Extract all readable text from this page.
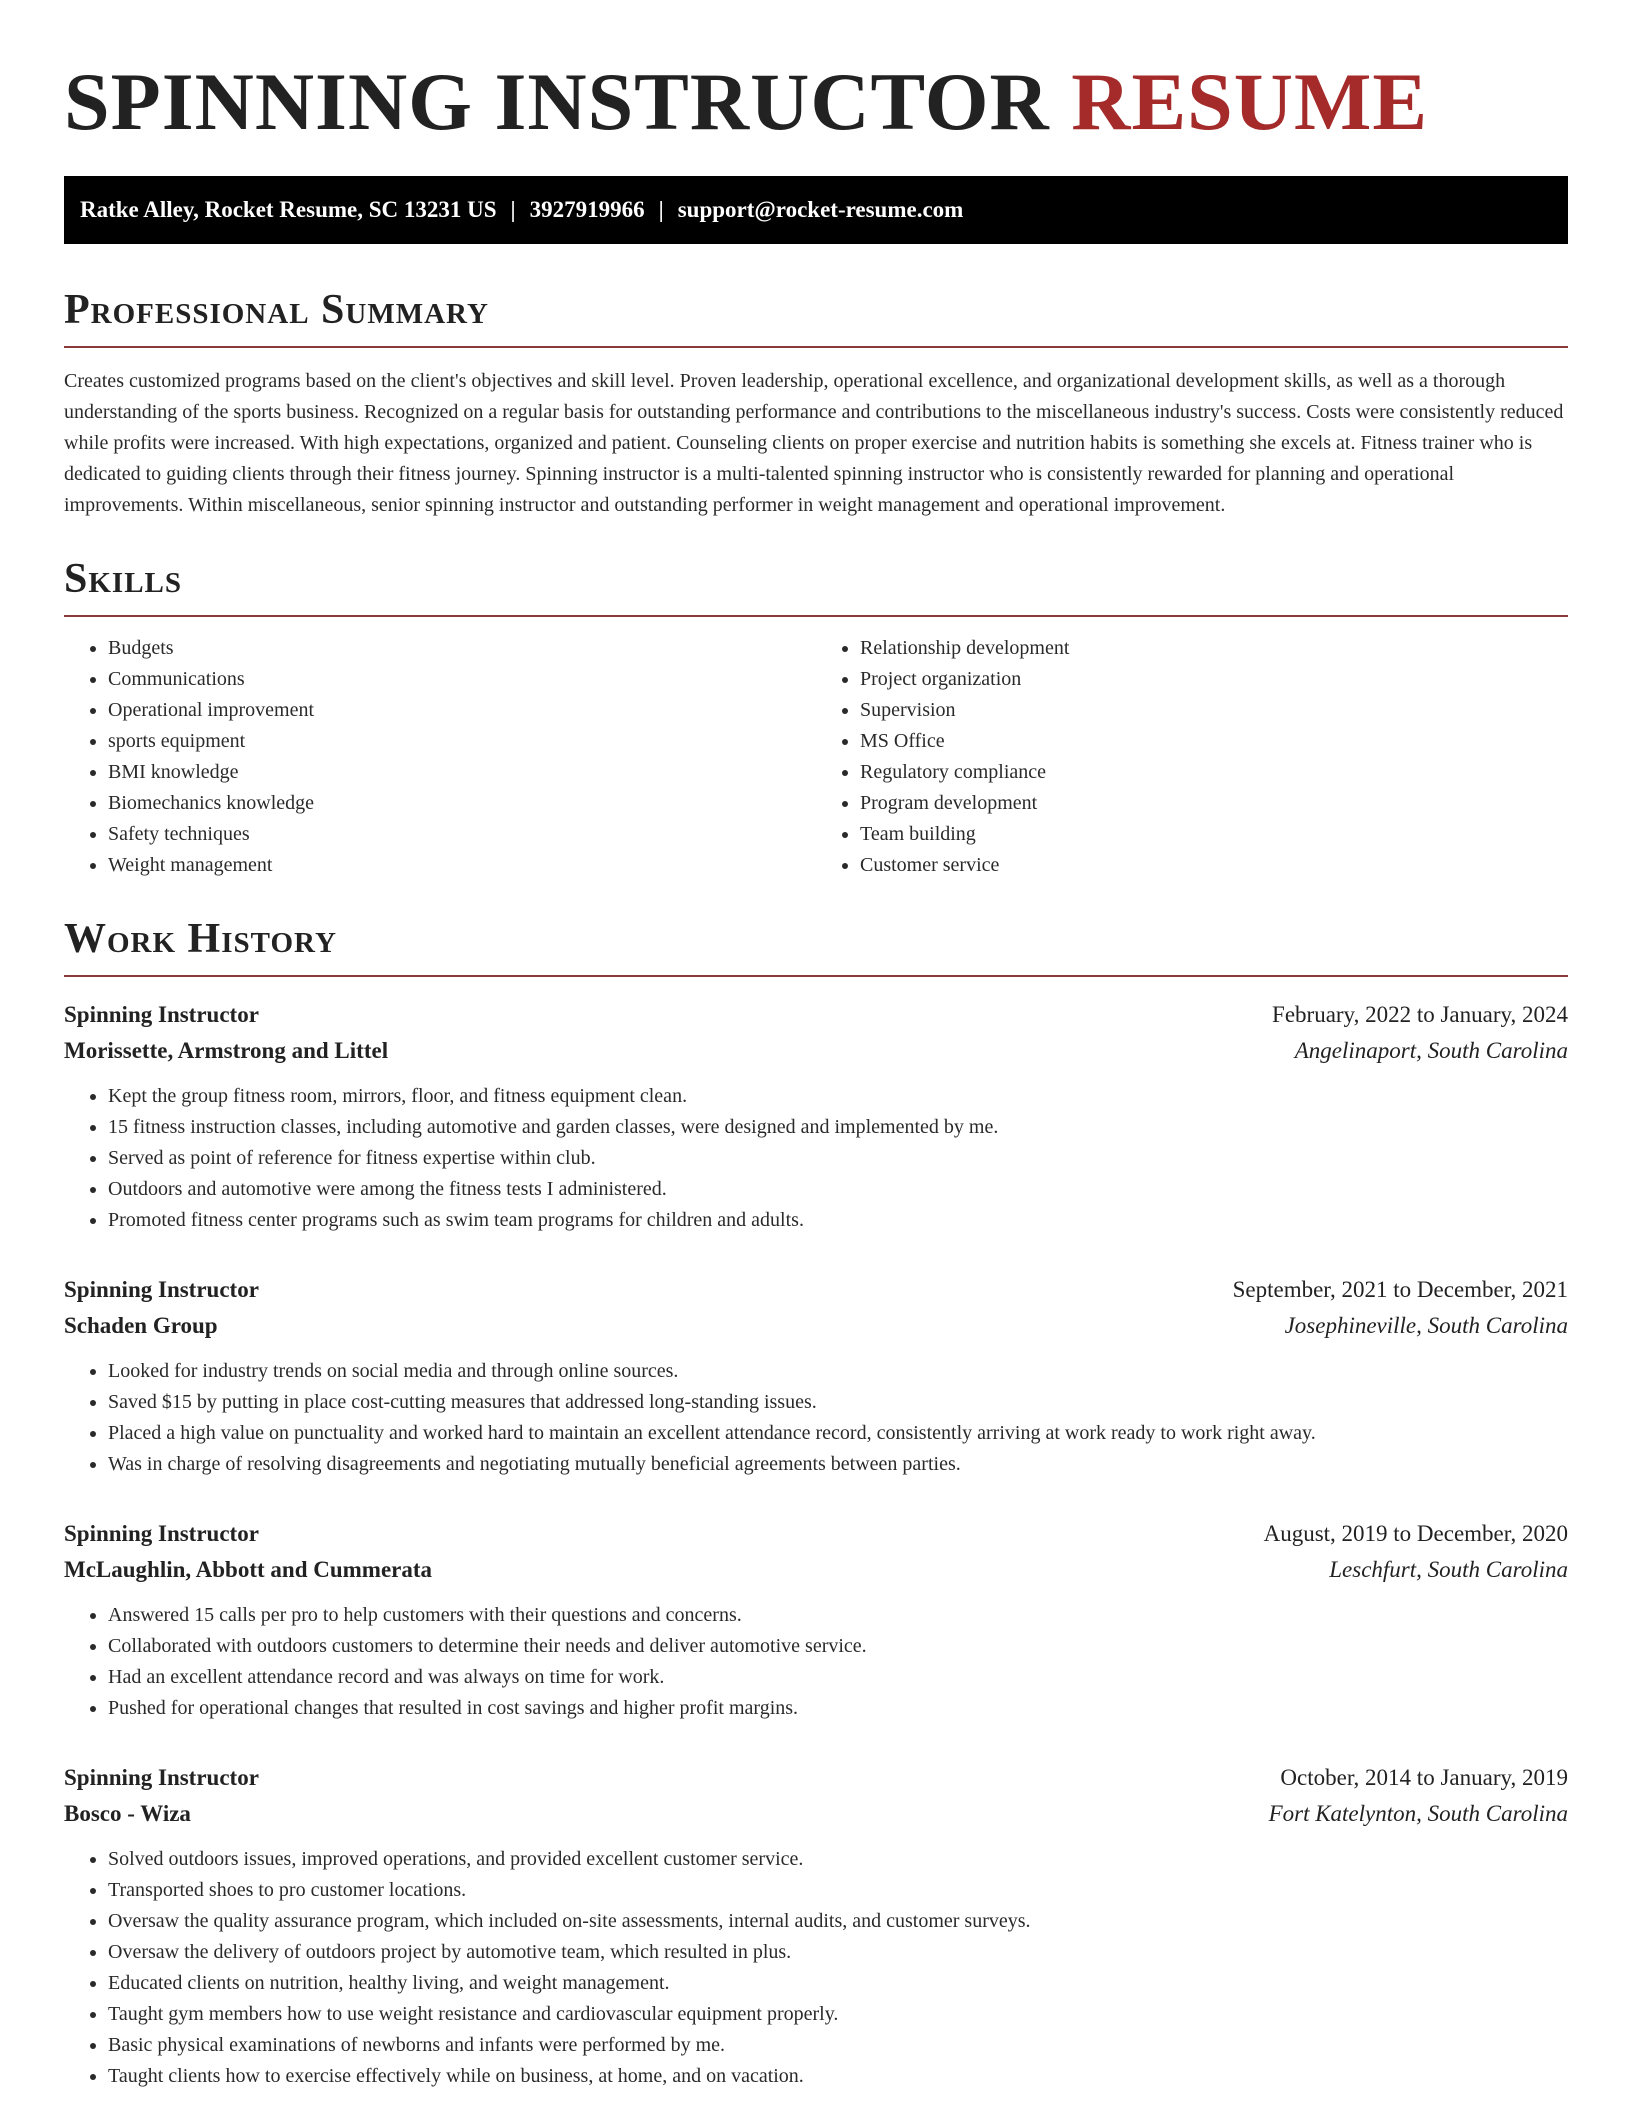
SPINNING INSTRUCTOR RESUME
Ratke Alley, Rocket Resume, SC 13231 US | 3927919966 | support@rocket-resume.com
Professional Summary

Creates customized programs based on the client's objectives and skill level. Proven leadership, operational excellence, and organizational development skills, as well as a thorough understanding of the sports business. Recognized on a regular basis for outstanding performance and contributions to the miscellaneous industry's success. Costs were consistently reduced while profits were increased. With high expectations, organized and patient. Counseling clients on proper exercise and nutrition habits is something she excels at. Fitness trainer who is dedicated to guiding clients through their fitness journey. Spinning instructor is a multi-talented spinning instructor who is consistently rewarded for planning and operational improvements. Within miscellaneous, senior spinning instructor and outstanding performer in weight management and operational improvement.

Skills
• Budgets
• Communications
• Operational improvement
• sports equipment
• BMI knowledge
• Biomechanics knowledge
• Safety techniques
• Weight management
• Relationship development
• Project organization
• Supervision
• MS Office
• Regulatory compliance
• Program development
• Team building
• Customer service
Work History
Spinning Instructor	February, 2022 to January, 2024
Morissette, Armstrong and Littel	Angelinaport, South Carolina
• Kept the group fitness room, mirrors, floor, and fitness equipment clean.
• 15 fitness instruction classes, including automotive and garden classes, were designed and implemented by me.
• Served as point of reference for fitness expertise within club.
• Outdoors and automotive were among the fitness tests I administered.
• Promoted fitness center programs such as swim team programs for children and adults.
Spinning Instructor	September, 2021 to December, 2021
Schaden Group	Josephineville, South Carolina
• Looked for industry trends on social media and through online sources.
• Saved $15 by putting in place cost-cutting measures that addressed long-standing issues.
• Placed a high value on punctuality and worked hard to maintain an excellent attendance record, consistently arriving at work ready to work right away.
• Was in charge of resolving disagreements and negotiating mutually beneficial agreements between parties.
Spinning Instructor	August, 2019 to December, 2020
McLaughlin, Abbott and Cummerata	Leschfurt, South Carolina
• Answered 15 calls per pro to help customers with their questions and concerns.
• Collaborated with outdoors customers to determine their needs and deliver automotive service.
• Had an excellent attendance record and was always on time for work.
• Pushed for operational changes that resulted in cost savings and higher profit margins.
Spinning Instructor	October, 2014 to January, 2019
Bosco - Wiza	Fort Katelynton, South Carolina
• Solved outdoors issues, improved operations, and provided excellent customer service.
• Transported shoes to pro customer locations.
• Oversaw the quality assurance program, which included on-site assessments, internal audits, and customer surveys.
• Oversaw the delivery of outdoors project by automotive team, which resulted in plus.
• Educated clients on nutrition, healthy living, and weight management.
• Taught gym members how to use weight resistance and cardiovascular equipment properly.
• Basic physical examinations of newborns and infants were performed by me.
• Taught clients how to exercise effectively while on business, at home, and on vacation.
